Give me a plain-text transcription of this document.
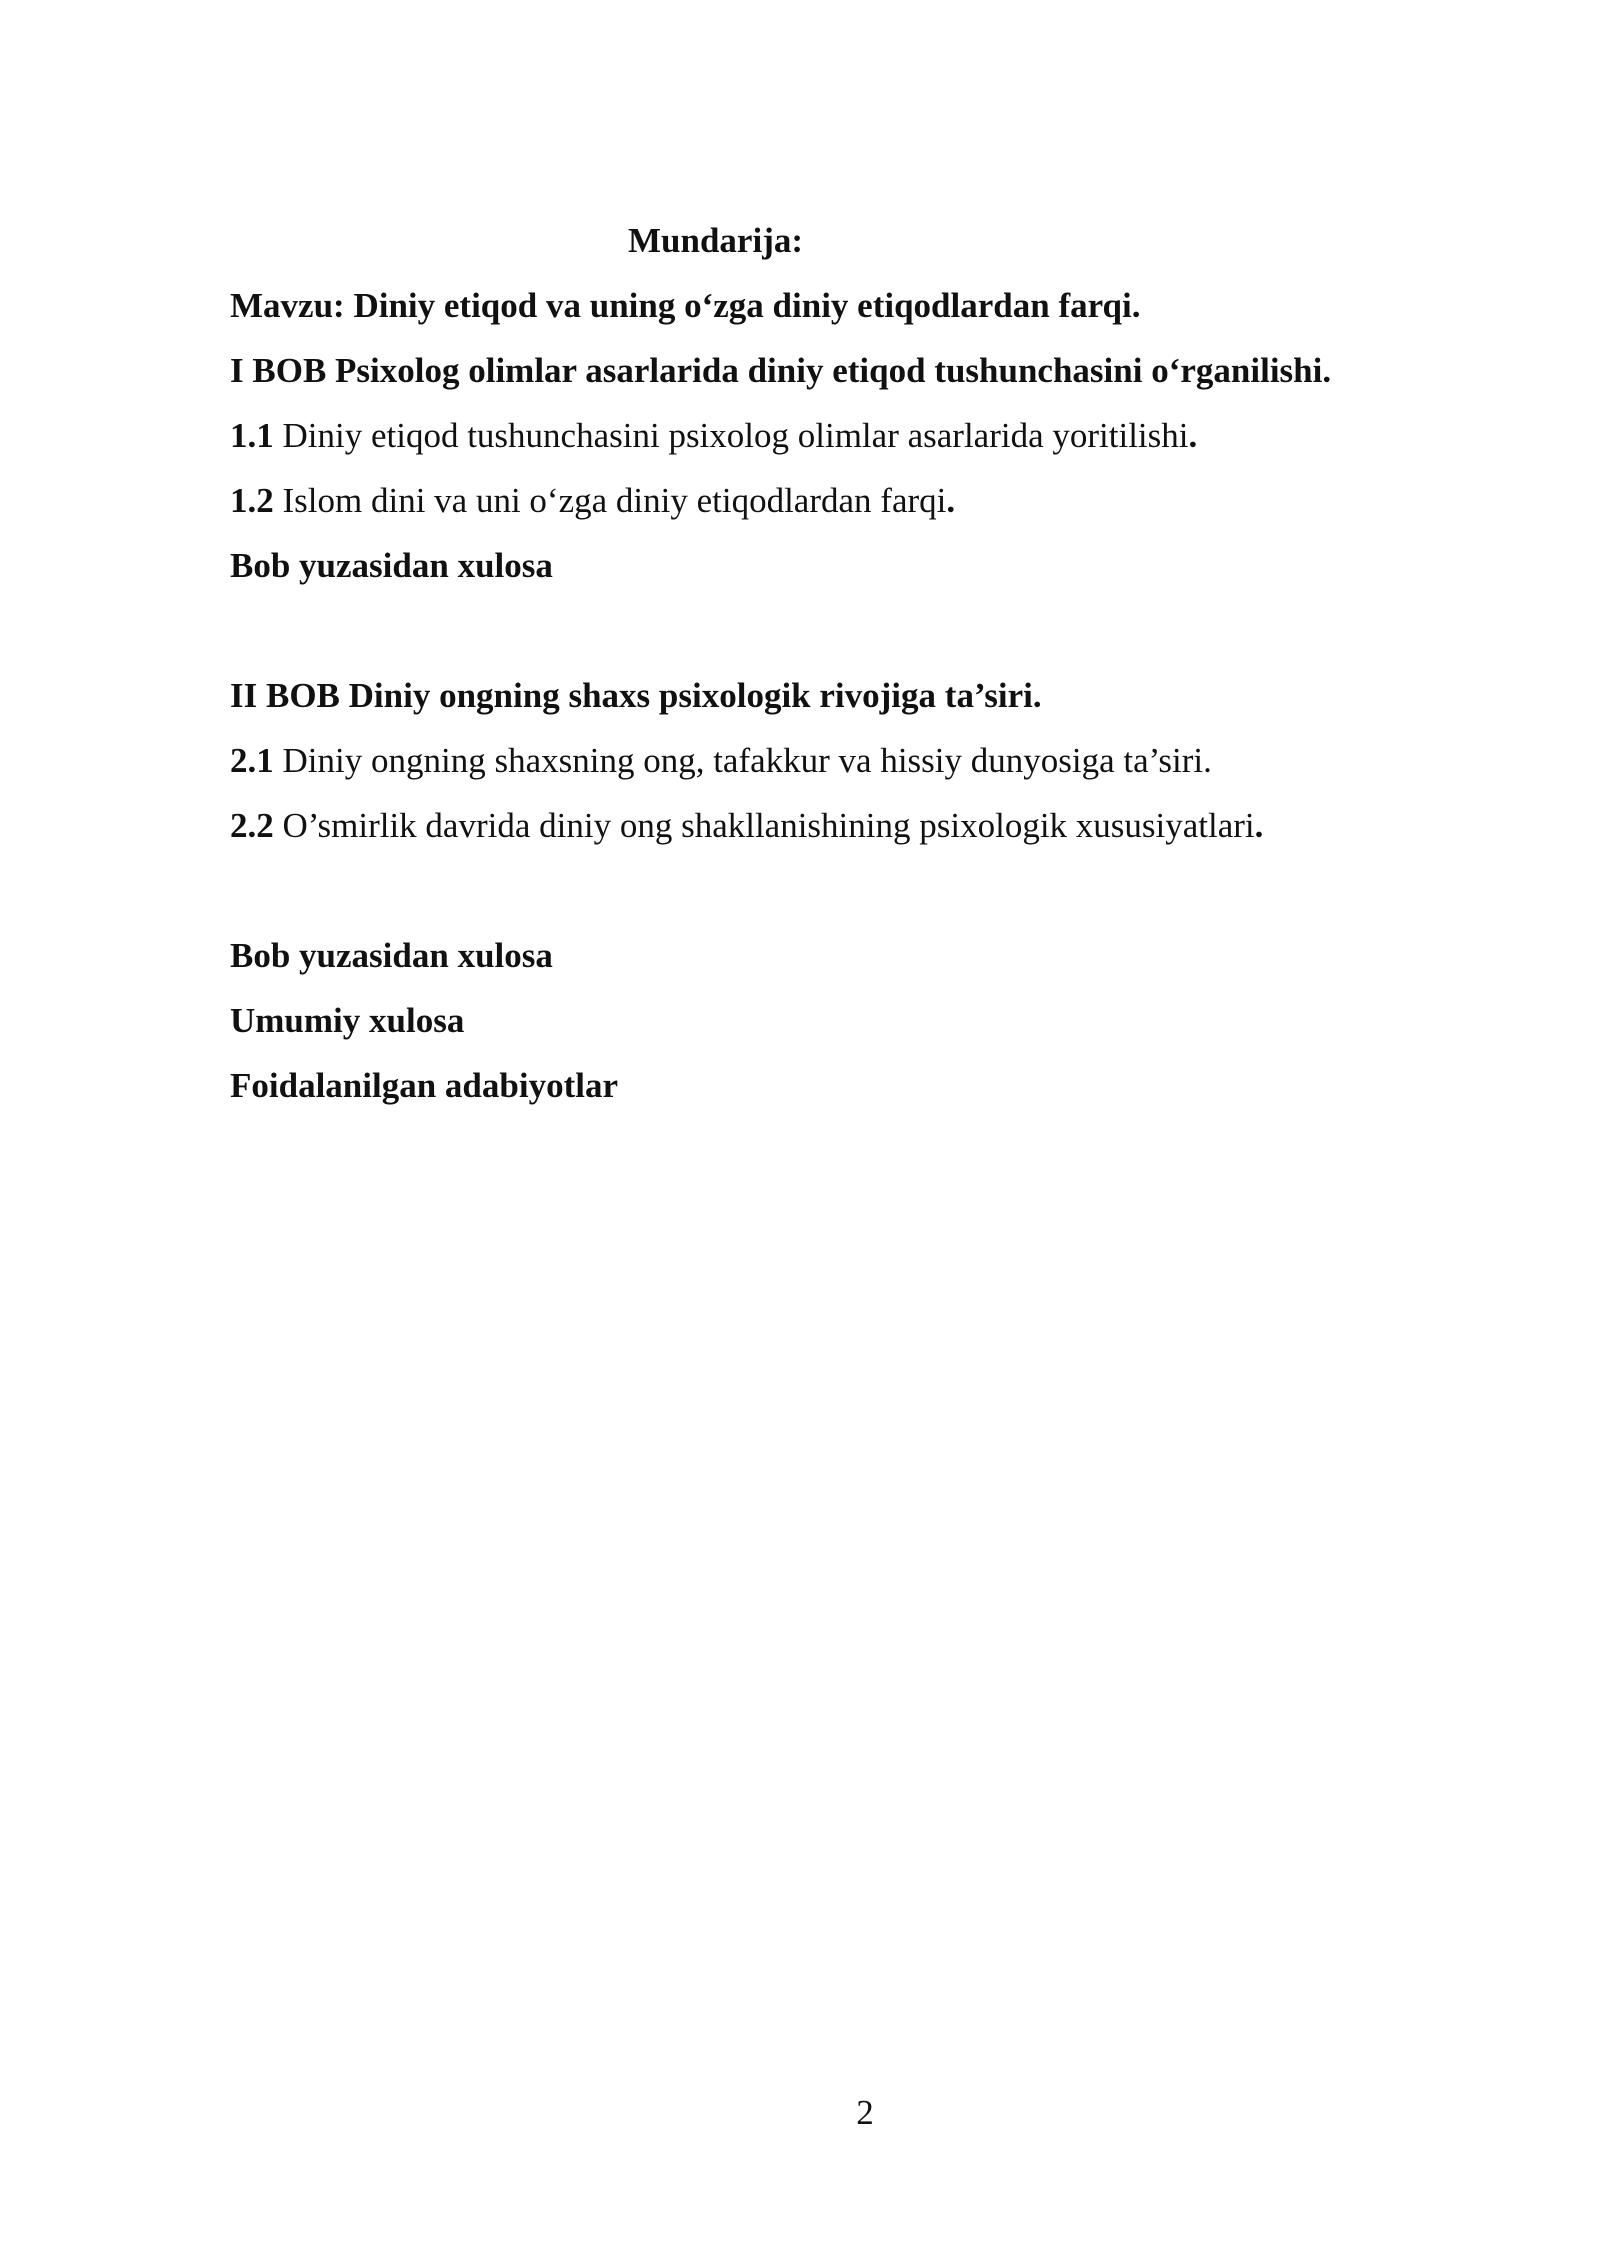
Mundarija:
Mavzu: Diniy etiqod va uning o‘zga diniy etiqodlardan farqi.
I BOB Psixolog olimlar asarlarida diniy etiqod tushunchasini o‘rganilishi.
1.1 Diniy etiqod tushunchasini psixolog olimlar asarlarida yoritilishi.
1.2 Islom dini va uni o‘zga diniy etiqodlardan farqi.
Bob yuzasidan xulosa
II BOB Diniy ongning shaxs psixologik rivojiga ta’siri.
2.1 Diniy ongning shaxsning ong, tafakkur va hissiy dunyosiga ta’siri.
2.2 O’smirlik davrida diniy ong shakllanishining psixologik xususiyatlari.
Bob yuzasidan xulosa
Umumiy xulosa
Foidalanilgan adabiyotlar
2
